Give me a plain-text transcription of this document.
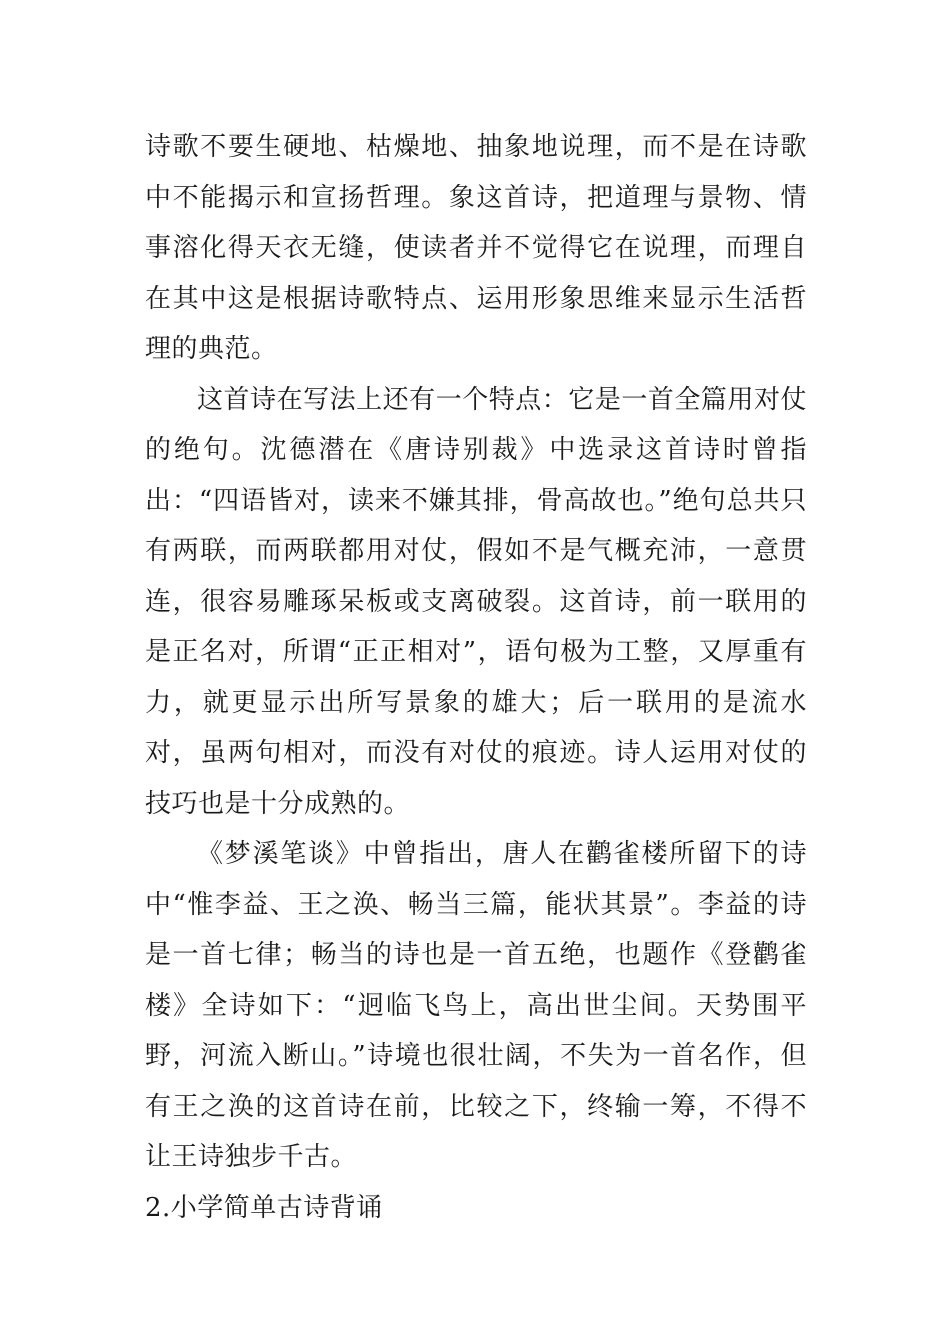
诗歌不要生硬地、枯燥地、抽象地说理，而不是在诗歌中不能揭示和宣扬哲理。象这首诗，把道理与景物、情事溶化得天衣无缝，使读者并不觉得它在说理，而理自在其中这是根据诗歌特点、运用形象思维来显示生活哲理的典范。

这首诗在写法上还有一个特点：它是一首全篇用对仗的绝句。沈德潜在《唐诗别裁》中选录这首诗时曾指出：“四语皆对，读来不嫌其排，骨高故也。”绝句总共只有两联，而两联都用对仗，假如不是气概充沛，一意贯连，很容易雕琢呆板或支离破裂。这首诗，前一联用的是正名对，所谓“正正相对”，语句极为工整，又厚重有力，就更显示出所写景象的雄大；后一联用的是流水对，虽两句相对，而没有对仗的痕迹。诗人运用对仗的技巧也是十分成熟的。

《梦溪笔谈》中曾指出，唐人在鹳雀楼所留下的诗中“惟李益、王之涣、畅当三篇，能状其景”。李益的诗是一首七律；畅当的诗也是一首五绝，也题作《登鹳雀楼》全诗如下：“迥临飞鸟上，高出世尘间。天势围平野，河流入断山。”诗境也很壮阔，不失为一首名作，但有王之涣的这首诗在前，比较之下，终输一筹，不得不让王诗独步千古。

2.小学简单古诗背诵
